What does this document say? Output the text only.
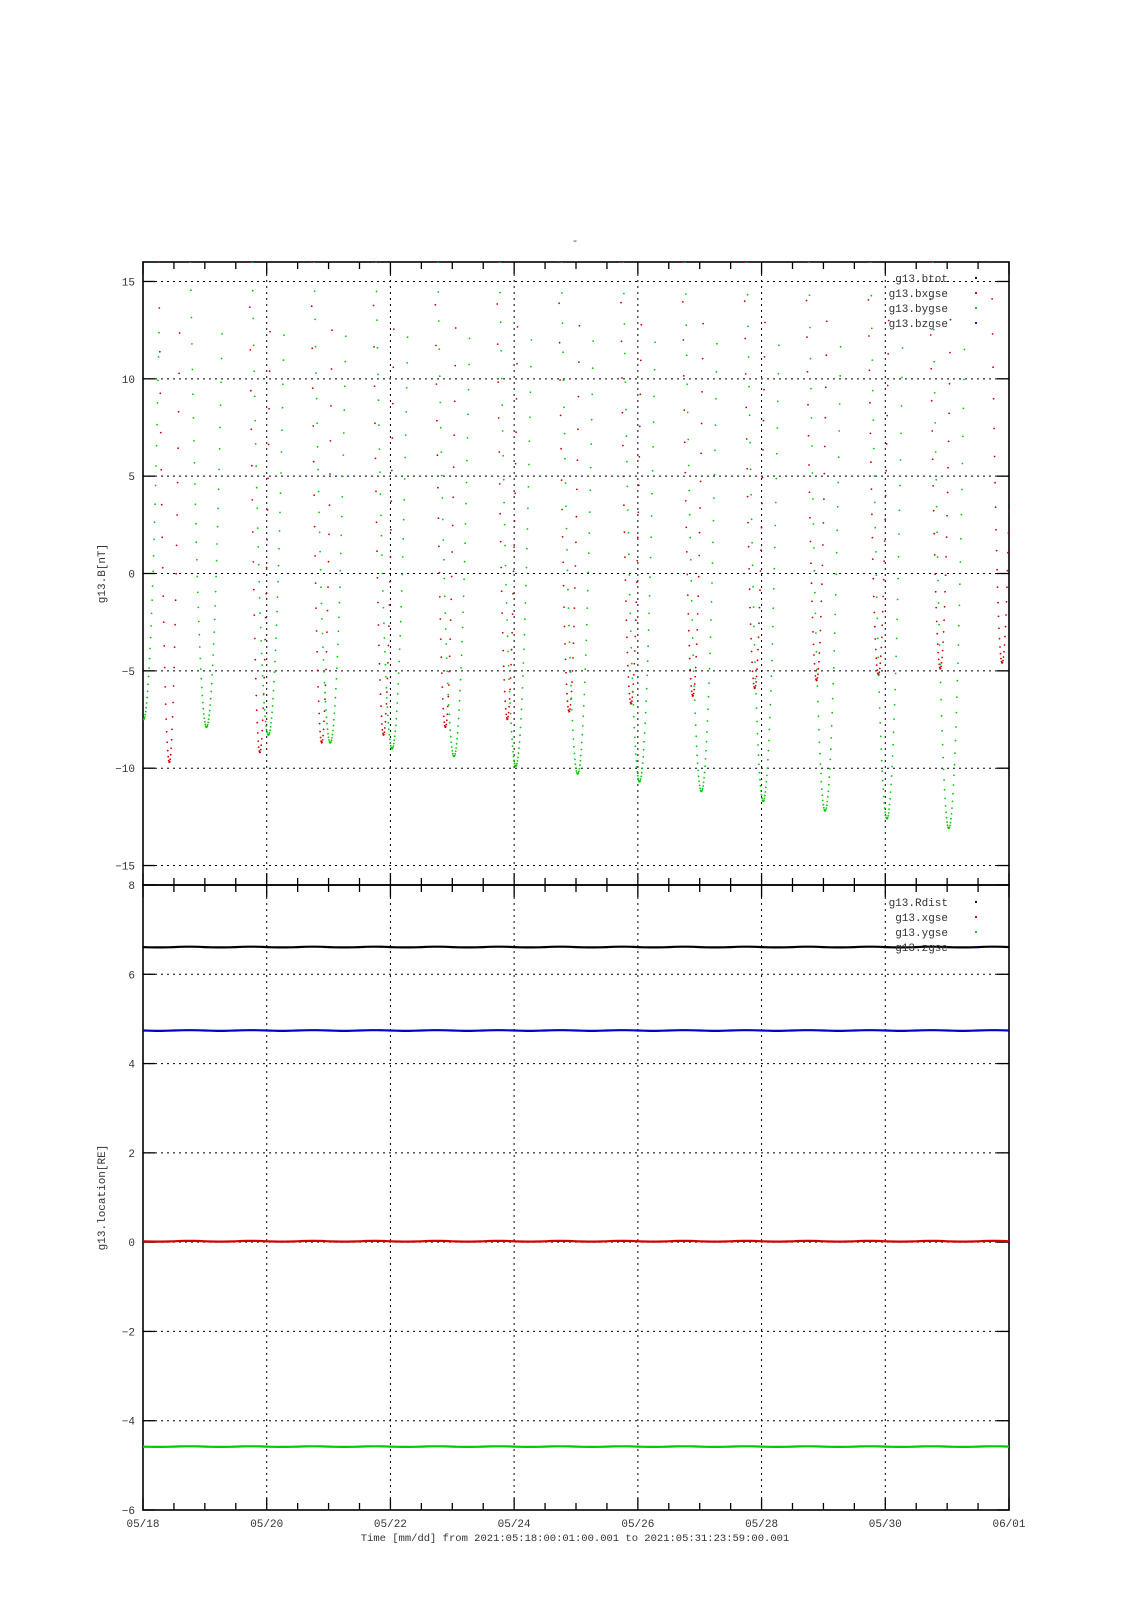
-
15
10
5
0
−5
−10
−15
g13.B[nT]
g13.btot
g13.bxgse
g13.bygse
g13.bzgse
8
6
4
2
0
−2
−4
−6
g13.location[RE]
g13.Rdist
g13.xgse
g13.ygse
g13.zgse
05/18	05/20	05/22	05/24	05/26	05/28	05/30	06/01
Time [mm/dd] from 2021:05:18:00:01:00.001 to 2021:05:31:23:59:00.001
